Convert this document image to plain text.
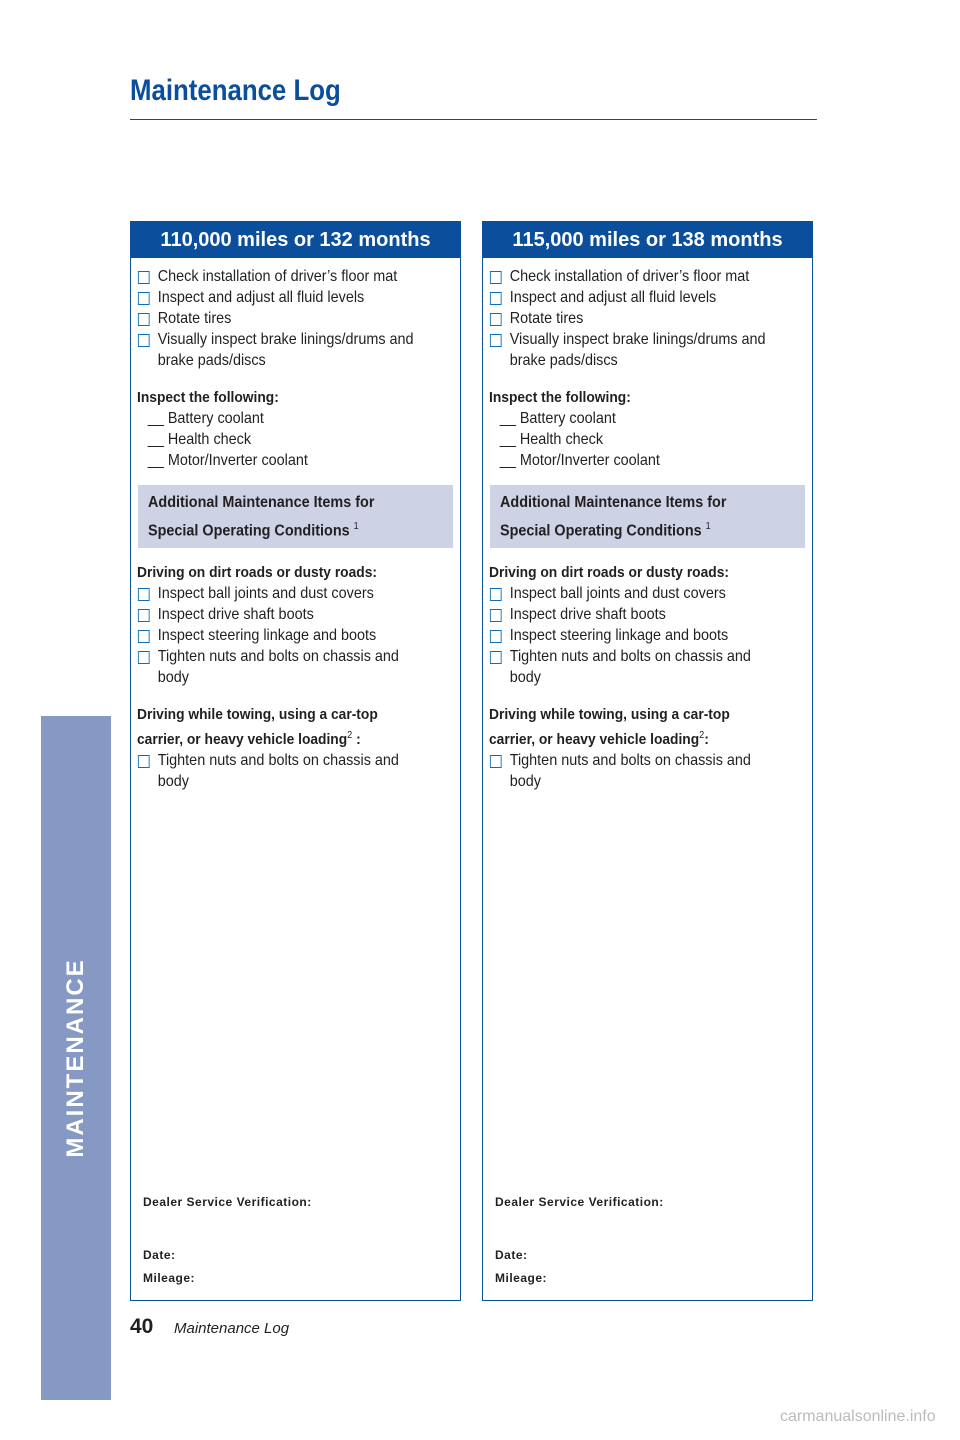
Maintenance Log
MAINTENANCE
110,000 miles or 132 months
Check installation of driver’s floor mat
Inspect and adjust all fluid levels
Rotate tires
Visually inspect brake linings/drums and
brake pads/discs
Inspect the following:
__ Battery coolant
__ Health check
__ Motor/Inverter coolant
Additional Maintenance Items for
Special Operating Conditions $^1$
Driving on dirt roads or dusty roads:
Inspect ball joints and dust covers
Inspect drive shaft boots
Inspect steering linkage and boots
Tighten nuts and bolts on chassis and
body
Driving while towing, using a car-top
carrier, or heavy vehicle loading$^2$ :
Tighten nuts and bolts on chassis and
body
Dealer Service Verification:
Date:
Mileage:
115,000 miles or 138 months
Check installation of driver’s floor mat
Inspect and adjust all fluid levels
Rotate tires
Visually inspect brake linings/drums and
brake pads/discs
Inspect the following:
__ Battery coolant
__ Health check
__ Motor/Inverter coolant
Additional Maintenance Items for
Special Operating Conditions $^1$
Driving on dirt roads or dusty roads:
Inspect ball joints and dust covers
Inspect drive shaft boots
Inspect steering linkage and boots
Tighten nuts and bolts on chassis and
body
Driving while towing, using a car-top
carrier, or heavy vehicle loading$^2$:
Tighten nuts and bolts on chassis and
body
Dealer Service Verification:
Date:
Mileage:
40 Maintenance Log
carmanualsonline.info
